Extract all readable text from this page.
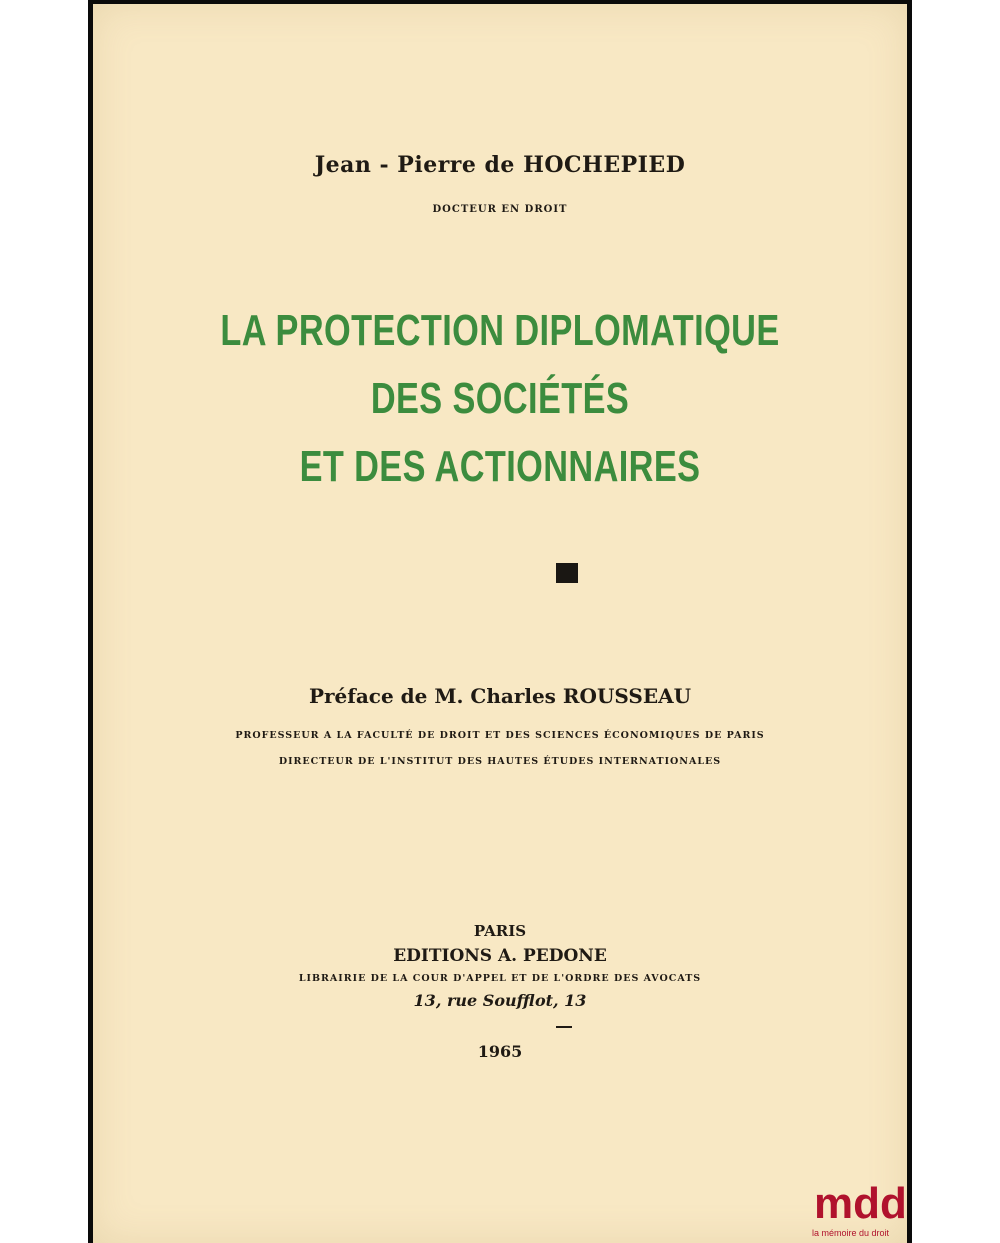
Jean - Pierre de HOCHEPIED
DOCTEUR EN DROIT
LA PROTECTION DIPLOMATIQUE
DES SOCIÉTÉS
ET DES ACTIONNAIRES
Préface de M. Charles ROUSSEAU
PROFESSEUR A LA FACULTÉ DE DROIT ET DES SCIENCES ÉCONOMIQUES DE PARIS
DIRECTEUR DE L'INSTITUT DES HAUTES ÉTUDES INTERNATIONALES
PARIS
EDITIONS A. PEDONE
LIBRAIRIE DE LA COUR D'APPEL ET DE L'ORDRE DES AVOCATS
13, rue Soufflot, 13
1965
mdd
la mémoire du droit
